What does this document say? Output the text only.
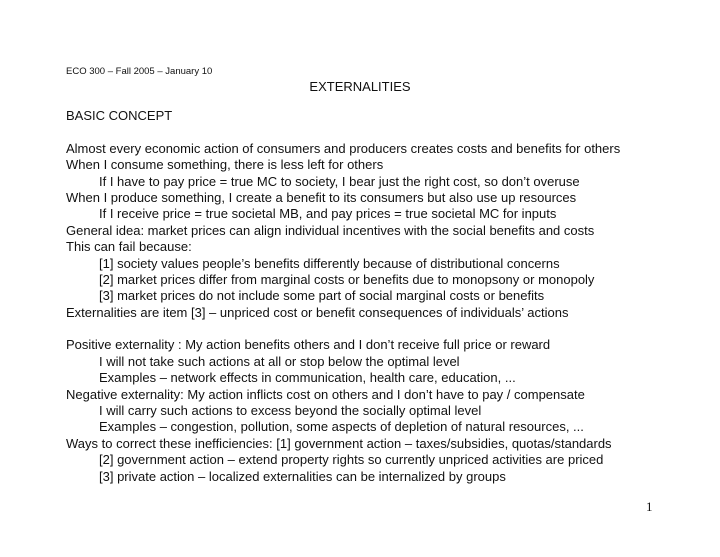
ECO 300 – Fall 2005 – January 10
EXTERNALITIES
BASIC CONCEPT
Almost every economic action of consumers and producers creates costs and benefits for others
When I consume something, there is less left for others
If I have to pay price = true MC to society, I bear just the right cost, so don’t overuse
When I produce something, I create a benefit to its consumers but also use up resources
If I receive price = true societal MB, and pay prices = true societal MC for inputs
General idea: market prices can align individual incentives with the social benefits and costs
This can fail because:
[1] society values people’s benefits differently because of distributional concerns
[2] market prices differ from marginal costs or benefits due to monopsony or monopoly
[3] market prices do not include some part of social marginal costs or benefits
Externalities are item [3] – unpriced cost or benefit consequences of individuals’ actions
Positive externality : My action benefits others and I don’t receive full price or reward
I will not take such actions at all or stop below the optimal level
Examples – network effects in communication, health care, education, ...
Negative externality: My action inflicts cost on others and I don’t have to pay / compensate
I will carry such actions to excess beyond the socially optimal level
Examples – congestion, pollution, some aspects of depletion of natural resources, ...
Ways to correct these inefficiencies: [1] government action – taxes/subsidies, quotas/standards
[2] government action – extend property rights so currently unpriced activities are priced
[3] private action – localized externalities can be internalized by groups
1
